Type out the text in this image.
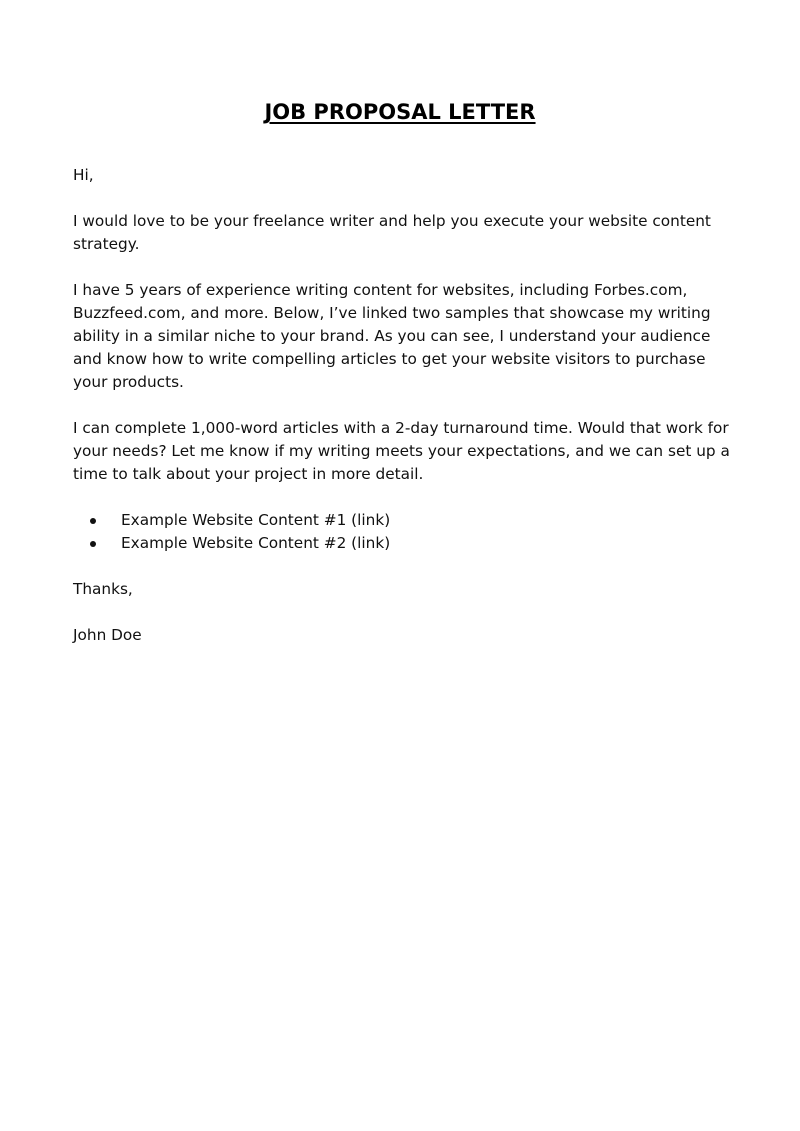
JOB PROPOSAL LETTER

Hi,

I would love to be your freelance writer and help you execute your website content strategy.

I have 5 years of experience writing content for websites, including Forbes.com, Buzzfeed.com, and more. Below, I’ve linked two samples that showcase my writing ability in a similar niche to your brand. As you can see, I understand your audience and know how to write compelling articles to get your website visitors to purchase your products.

I can complete 1,000-word articles with a 2-day turnaround time. Would that work for your needs? Let me know if my writing meets your expectations, and we can set up a time to talk about your project in more detail.

Example Website Content #1 (link)
Example Website Content #2 (link)

Thanks,

John Doe
